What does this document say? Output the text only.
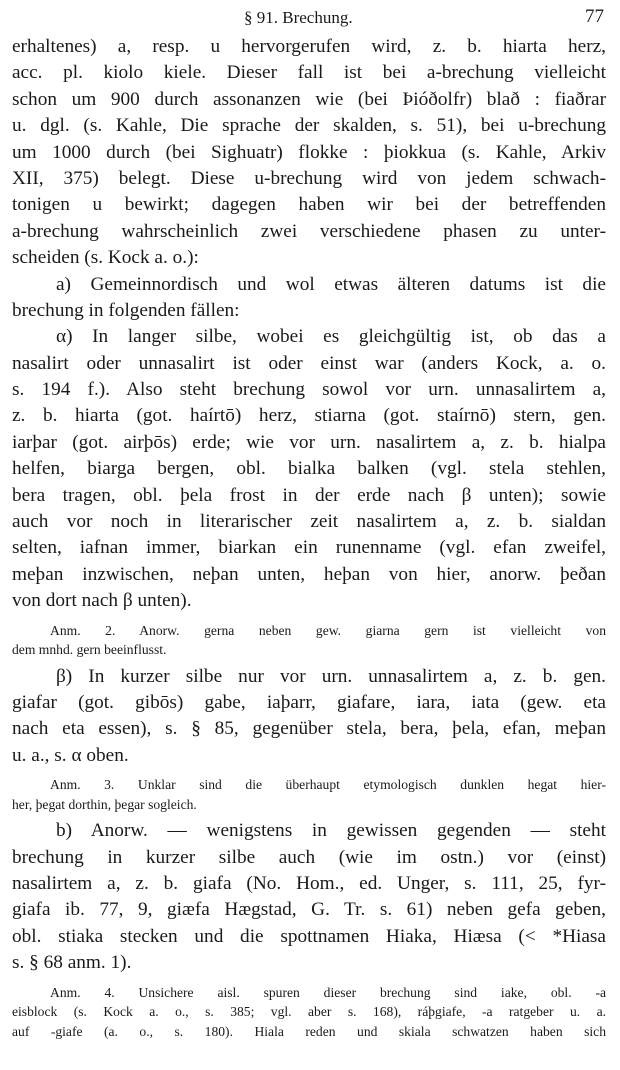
§ 91. Brechung.	77
erhaltenes) a, resp. u hervorgerufen wird, z. b. hiarta herz,
acc. pl. kiolo kiele. Dieser fall ist bei a-brechung vielleicht
schon um 900 durch assonanzen wie (bei Þióðolfr) blað : fiaðrar
u. dgl. (s. Kahle, Die sprache der skalden, s. 51), bei u-brechung
um 1000 durch (bei Sighuatr) flokke : þiokkua (s. Kahle, Arkiv
XII, 375) belegt. Diese u-brechung wird von jedem schwach-
tonigen u bewirkt; dagegen haben wir bei der betreffenden
a-brechung wahrscheinlich zwei verschiedene phasen zu unter-
scheiden (s. Kock a. o.):
a) Gemeinnordisch und wol etwas älteren datums ist die
brechung in folgenden fällen:
α) In langer silbe, wobei es gleichgültig ist, ob das a
nasalirt oder unnasalirt ist oder einst war (anders Kock, a. o.
s. 194 f.). Also steht brechung sowol vor urn. unnasalirtem a,
z. b. hiarta (got. haírtō) herz, stiarna (got. staírnō) stern, gen.
iarþar (got. airþōs) erde; wie vor urn. nasalirtem a, z. b. hialpa
helfen, biarga bergen, obl. bialka balken (vgl. stela stehlen,
bera tragen, obl. þela frost in der erde nach β unten); sowie
auch vor noch in literarischer zeit nasalirtem a, z. b. sialdan
selten, iafnan immer, biarkan ein runenname (vgl. efan zweifel,
meþan inzwischen, neþan unten, heþan von hier, anorw. þeðan
von dort nach β unten).
Anm. 2. Anorw. gerna neben gew. giarna gern ist vielleicht von
dem mnhd. gern beeinflusst.
β) In kurzer silbe nur vor urn. unnasalirtem a, z. b. gen.
giafar (got. gibōs) gabe, iaþarr, giafare, iara, iata (gew. eta
nach eta essen), s. § 85, gegenüber stela, bera, þela, efan, meþan
u. a., s. α oben.
Anm. 3. Unklar sind die überhaupt etymologisch dunklen hegat hier-
her, þegat dorthin, þegar sogleich.
b) Anorw. — wenigstens in gewissen gegenden — steht
brechung in kurzer silbe auch (wie im ostn.) vor (einst)
nasalirtem a, z. b. giafa (No. Hom., ed. Unger, s. 111, 25, fyr-
giafa ib. 77, 9, giæfa Hægstad, G. Tr. s. 61) neben gefa geben,
obl. stiaka stecken und die spottnamen Hiaka, Hiæsa (< *Hiasa
s. § 68 anm. 1).
Anm. 4. Unsichere aisl. spuren dieser brechung sind iake, obl. -a
eisblock (s. Kock a. o., s. 385; vgl. aber s. 168), ráþgiafe, -a ratgeber u. a.
auf -giafe (a. o., s. 180). Hiala reden und skiala schwatzen haben sich
